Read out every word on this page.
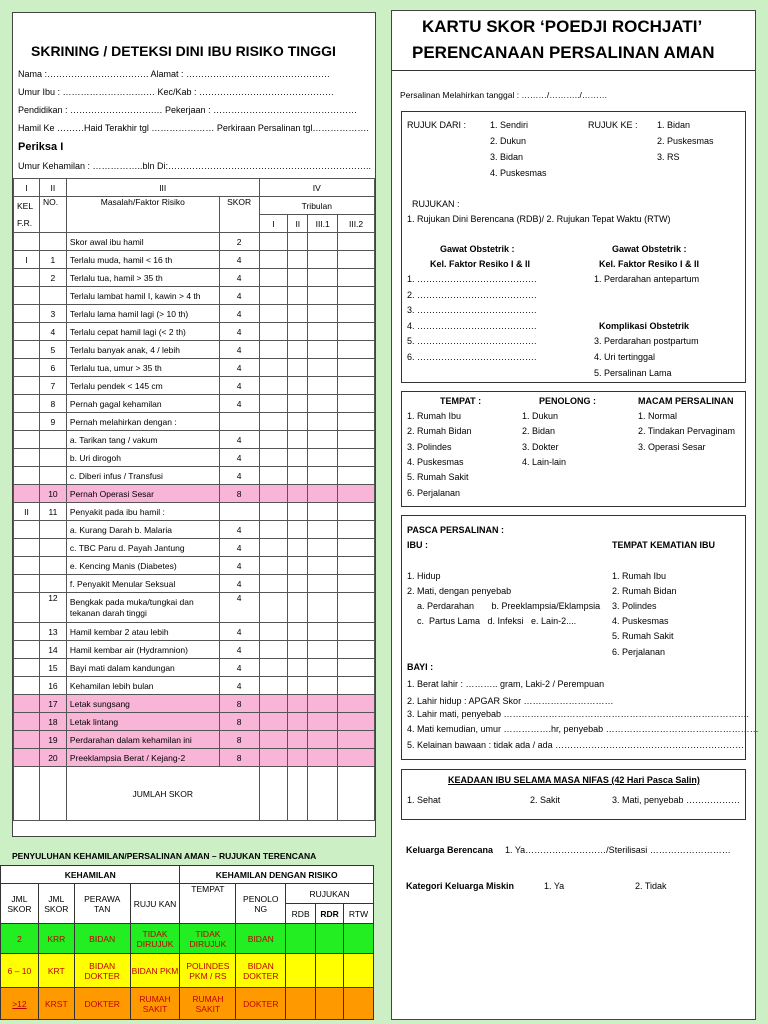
SKRINING / DETEKSI DINI IBU RISIKO TINGGI
Nama :……………………………. Alamat : …………………………………………
Umur Ibu : ……………………….… Kec/Kab : ………………………………………
Pendidikan : ……………………….… Pekerjaan : …………………………………………
Hamil Ke ………Haid Terakhir tgl ………………… Perkiraan Persalinan tgl……………….
Periksa I
Umur Kehamilan : ……………..bln Di:…………………………………………………………..
I	II	III		IV			
KEL F.R.	NO.	Masalah/Faktor Risiko	SKOR	Tribulan			
				I	II	III.1	III.2
		Skor awal ibu hamil	2				
I	1	Terlalu muda, hamil < 16 th	4				
	2	Terlalu tua, hamil > 35 th	4				
		Terlalu lambat hamil I, kawin > 4 th	4				
	3	Terlalu lama hamil lagi (> 10 th)	4				
	4	Terlalu cepat hamil lagi (< 2 th)	4				
	5	Terlalu banyak anak, 4 / lebih	4				
	6	Terlalu tua, umur > 35 th	4				
	7	Terlalu pendek < 145 cm	4				
	8	Pernah gagal kehamilan	4				
	9	Pernah melahirkan dengan :					
		a. Tarikan tang / vakum	4				
		b. Uri dirogoh	4				
		c. Diberi infus / Transfusi	4				
	10	Pernah Operasi Sesar	8				
II	11	Penyakit pada ibu hamil :					
		a. Kurang Darah b. Malaria	4				
		c. TBC Paru d. Payah Jantung	4				
		e. Kencing Manis (Diabetes)	4				
		f. Penyakit Menular Seksual	4				
	12	Bengkak pada muka/tungkai dan tekanan darah tinggi	4				
	13	Hamil kembar 2 atau lebih	4				
	14	Hamil kembar air (Hydramnion)	4				
	15	Bayi mati dalam kandungan	4				
	16	Kehamilan lebih bulan	4				
	17	Letak sungsang	8				
	18	Letak lintang	8				
	19	Perdarahan dalam kehamilan ini	8				
	20	Preeklampsia Berat / Kejang-2	8				
		JUMLAH SKOR					
PENYULUHAN KEHAMILAN/PERSALINAN AMAN – RUJUKAN TERENCANA
KEHAMILAN				KEHAMILAN DENGAN RISIKO				
JML SKOR	JML SKOR	PERAWA TAN	RUJU KAN	TEMPAT	PENOLO NG	RUJUKAN		
						RDB	RDR	RTW
2	KRR	BIDAN	TIDAK DIRUJUK	TIDAK DIRUJUK	BIDAN			
6 – 10	KRT	BIDAN DOKTER	BIDAN PKM	POLINDES PKM / RS	BIDAN DOKTER			
>12	KRST	DOKTER	RUMAH SAKIT	RUMAH SAKIT	DOKTER			
KARTU SKOR ‘POEDJI ROCHJATI’
PERENCANAAN PERSALINAN AMAN
Persalinan Melahirkan tanggal : ………/………../………
RUJUK DARI :	1. Sendiri
2. Dukun
3. Bidan
4. Puskesmas
RUJUK KE : 1. Bidan
2. Puskesmas
3. RS
RUJUKAN :
1. Rujukan Dini Berencana (RDB)/ 2. Rujukan Tepat Waktu (RTW)
Gawat Obstetrik :
Kel. Faktor Resiko I & II
Gawat Obstetrik :
Kel. Faktor Resiko I & II
1. ………………………………….
2. ………………………………….
3. ………………………………….
4. ………………………………….
5. ………………………………….
6. ………………………………….
1. Perdarahan antepartum
Komplikasi Obstetrik
3. Perdarahan postpartum
4. Uri tertinggal
5. Persalinan Lama
TEMPAT :
1. Rumah Ibu
2. Rumah Bidan
3. Polindes
4. Puskesmas
5. Rumah Sakit
6. Perjalanan
PENOLONG :
1. Dukun
2. Bidan
3. Dokter
4. Lain-lain
MACAM PERSALINAN
1. Normal
2. Tindakan Pervaginam
3. Operasi Sesar
PASCA PERSALINAN :
IBU :	TEMPAT KEMATIAN IBU
1. Hidup
2. Mati, dengan penyebab
a. Perdarahan       b. Preeklampsia/Eklampsia
c.  Partus Lama   d. Infeksi   e. Lain-2....
1. Rumah Ibu
2. Rumah Bidan
3. Polindes
4. Puskesmas
5. Rumah Sakit
6. Perjalanan
BAYI :
1. Berat lahir : ……….. gram, Laki-2 / Perempuan
2. Lahir hidup : APGAR Skor …………………………
3. Lahir mati, penyebab ……………………………………………………………………….
4. Mati kemudian, umur …………….hr, penyebab ……………………………………………
5. Kelainan bawaan : tidak ada / ada ………………………………………………………
KEADAAN IBU SELAMA MASA NIFAS (42 Hari Pasca Salin)
1. Sehat	2. Sakit	3. Mati, penyebab ………………
Keluarga Berencana 1. Ya………………………/Sterilisasi ………………………
Kategori Keluarga Miskin	1. Ya	2. Tidak
